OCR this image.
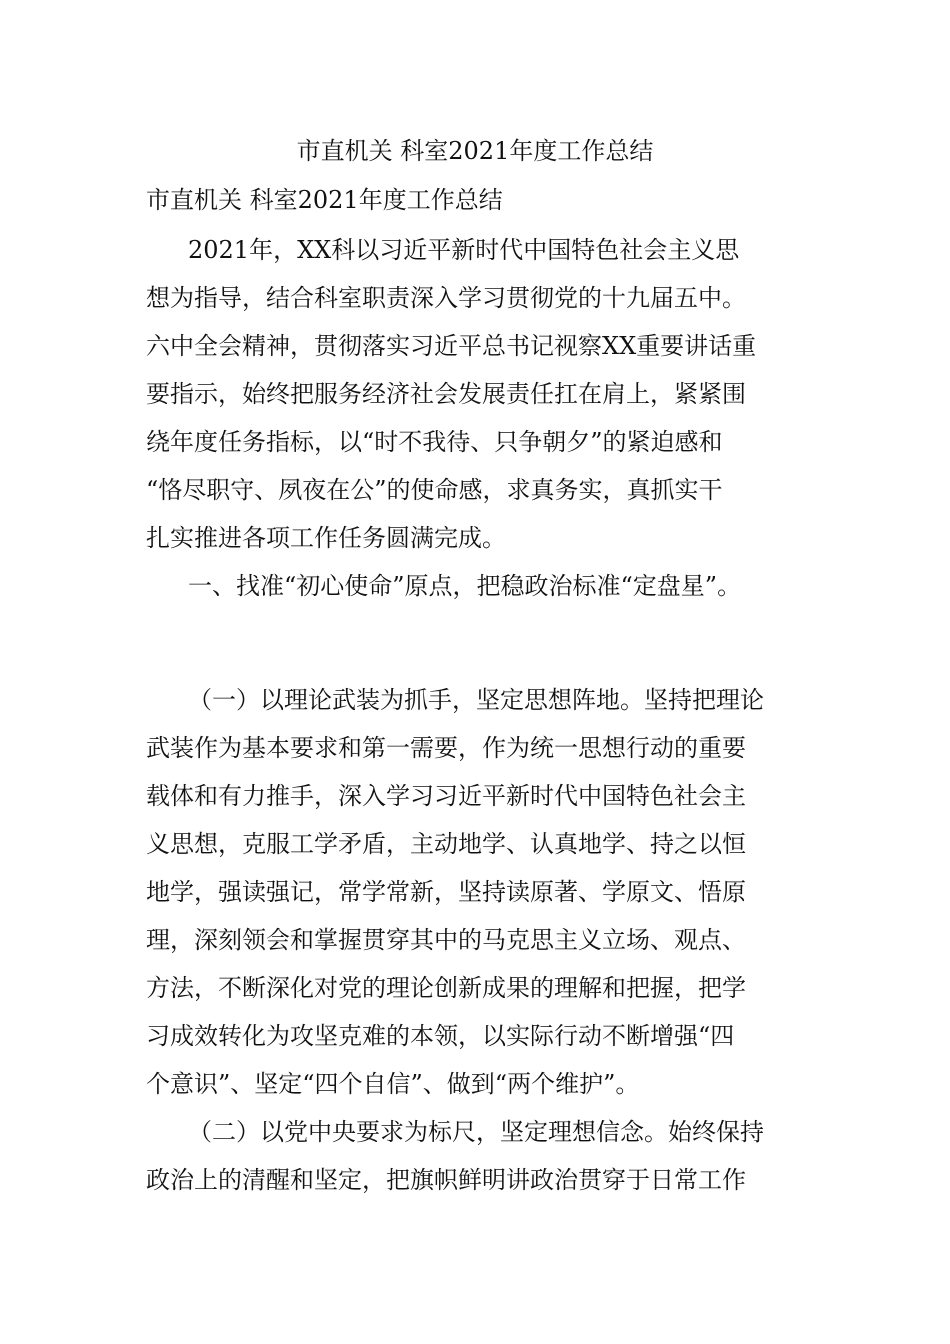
市直机关 科室2021年度工作总结
市直机关 科室2021年度工作总结
2021年，XX科以习近平新时代中国特色社会主义思
想为指导，结合科室职责深入学习贯彻党的十九届五中。
六中全会精神，贯彻落实习近平总书记视察XX重要讲话重
要指示，始终把服务经济社会发展责任扛在肩上，紧紧围
绕年度任务指标，以“时不我待、只争朝夕”的紧迫感和
“恪尽职守、夙夜在公”的使命感，求真务实，真抓实干
扎实推进各项工作任务圆满完成。
一、找准“初心使命”原点，把稳政治标准“定盘星”。
（一）以理论武装为抓手，坚定思想阵地。坚持把理论
武装作为基本要求和第一需要，作为统一思想行动的重要
载体和有力推手，深入学习习近平新时代中国特色社会主
义思想，克服工学矛盾，主动地学、认真地学、持之以恒
地学，强读强记，常学常新，坚持读原著、学原文、悟原
理，深刻领会和掌握贯穿其中的马克思主义立场、观点、
方法，不断深化对党的理论创新成果的理解和把握，把学
习成效转化为攻坚克难的本领，以实际行动不断增强“四
个意识”、坚定“四个自信”、做到“两个维护”。
（二）以党中央要求为标尺，坚定理想信念。始终保持
政治上的清醒和坚定，把旗帜鲜明讲政治贯穿于日常工作
